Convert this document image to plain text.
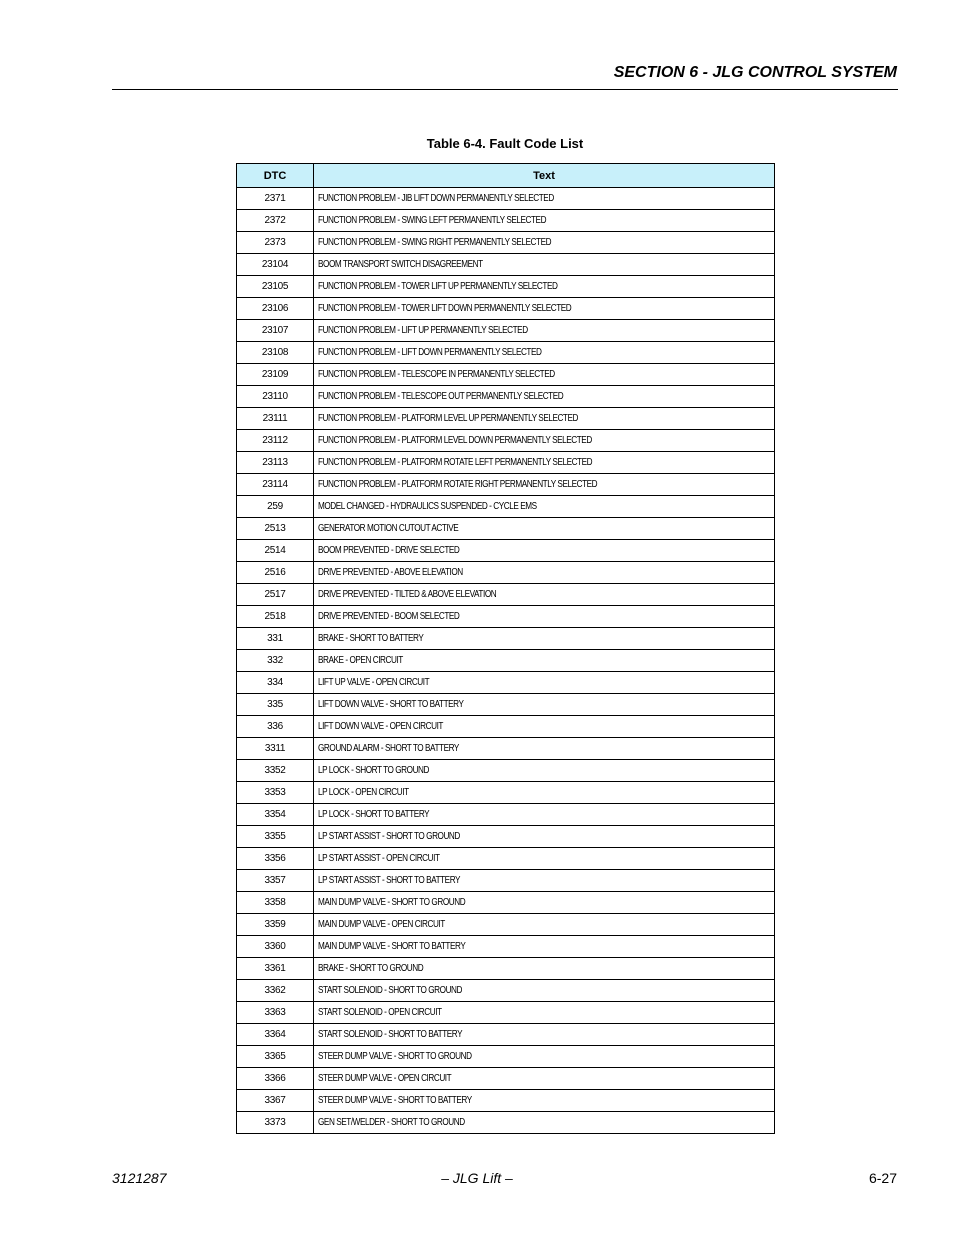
SECTION 6 - JLG CONTROL SYSTEM
Table 6-4. Fault Code List
DTC	Text
2371	FUNCTION PROBLEM - JIB LIFT DOWN PERMANENTLY SELECTED
2372	FUNCTION PROBLEM - SWING LEFT PERMANENTLY SELECTED
2373	FUNCTION PROBLEM - SWING RIGHT PERMANENTLY SELECTED
23104	BOOM TRANSPORT SWITCH DISAGREEMENT
23105	FUNCTION PROBLEM - TOWER LIFT UP PERMANENTLY SELECTED
23106	FUNCTION PROBLEM - TOWER LIFT DOWN PERMANENTLY SELECTED
23107	FUNCTION PROBLEM - LIFT UP PERMANENTLY SELECTED
23108	FUNCTION PROBLEM - LIFT DOWN PERMANENTLY SELECTED
23109	FUNCTION PROBLEM - TELESCOPE IN PERMANENTLY SELECTED
23110	FUNCTION PROBLEM - TELESCOPE OUT PERMANENTLY SELECTED
23111	FUNCTION PROBLEM - PLATFORM LEVEL UP PERMANENTLY SELECTED
23112	FUNCTION PROBLEM - PLATFORM LEVEL DOWN PERMANENTLY SELECTED
23113	FUNCTION PROBLEM - PLATFORM ROTATE LEFT PERMANENTLY SELECTED
23114	FUNCTION PROBLEM - PLATFORM ROTATE RIGHT PERMANENTLY SELECTED
259	MODEL CHANGED - HYDRAULICS SUSPENDED - CYCLE EMS
2513	GENERATOR MOTION CUTOUT ACTIVE
2514	BOOM PREVENTED - DRIVE SELECTED
2516	DRIVE PREVENTED - ABOVE ELEVATION
2517	DRIVE PREVENTED - TILTED & ABOVE ELEVATION
2518	DRIVE PREVENTED - BOOM SELECTED
331	BRAKE - SHORT TO BATTERY
332	BRAKE - OPEN CIRCUIT
334	LIFT UP VALVE - OPEN CIRCUIT
335	LIFT DOWN VALVE - SHORT TO BATTERY
336	LIFT DOWN VALVE - OPEN CIRCUIT
3311	GROUND ALARM - SHORT TO BATTERY
3352	LP LOCK - SHORT TO GROUND
3353	LP LOCK - OPEN CIRCUIT
3354	LP LOCK - SHORT TO BATTERY
3355	LP START ASSIST - SHORT TO GROUND
3356	LP START ASSIST - OPEN CIRCUIT
3357	LP START ASSIST - SHORT TO BATTERY
3358	MAIN DUMP VALVE - SHORT TO GROUND
3359	MAIN DUMP VALVE - OPEN CIRCUIT
3360	MAIN DUMP VALVE - SHORT TO BATTERY
3361	BRAKE - SHORT TO GROUND
3362	START SOLENOID - SHORT TO GROUND
3363	START SOLENOID - OPEN CIRCUIT
3364	START SOLENOID - SHORT TO BATTERY
3365	STEER DUMP VALVE - SHORT TO GROUND
3366	STEER DUMP VALVE - OPEN CIRCUIT
3367	STEER DUMP VALVE - SHORT TO BATTERY
3373	GEN SET/WELDER - SHORT TO GROUND
3121287	– JLG Lift –	6-27
